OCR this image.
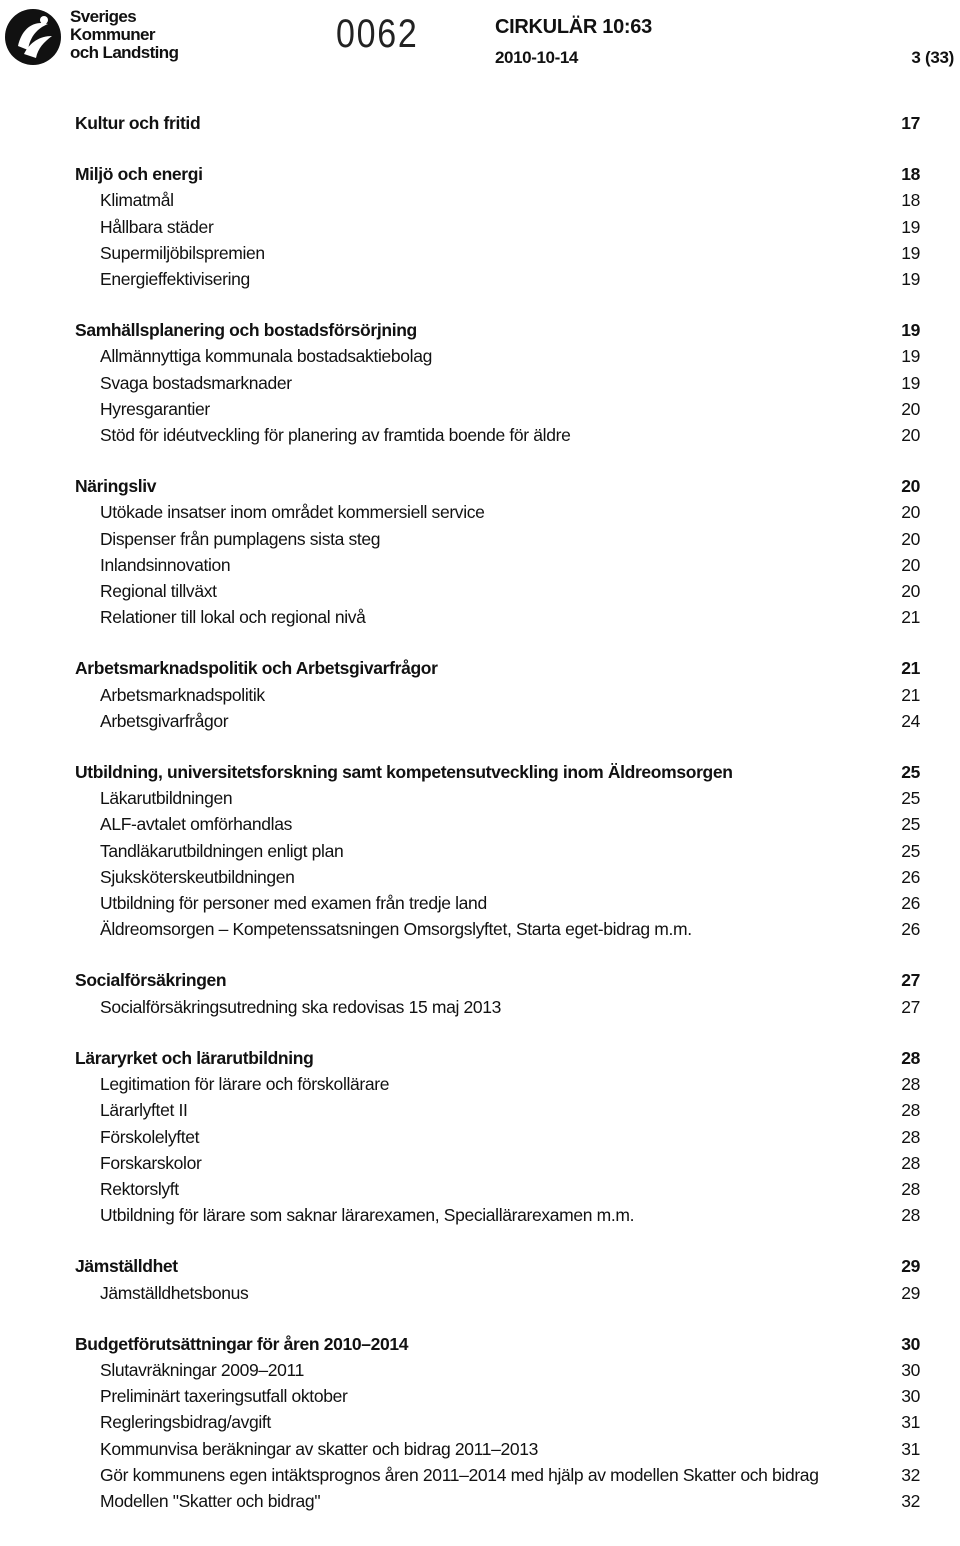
Sveriges
Kommuner
och Landsting	0062	CIRKULÄR 10:63
2010-10-14	3 (33)
Kultur och fritid	17
Miljö och energi	18
Klimatmål	18
Hållbara städer	19
Supermiljöbilspremien	19
Energieffektivisering	19
Samhällsplanering och bostadsförsörjning	19
Allmännyttiga kommunala bostadsaktiebolag	19
Svaga bostadsmarknader	19
Hyresgarantier	20
Stöd för idéutveckling för planering av framtida boende för äldre	20
Näringsliv	20
Utökade insatser inom området kommersiell service	20
Dispenser från pumplagens sista steg	20
Inlandsinnovation	20
Regional tillväxt	20
Relationer till lokal och regional nivå	21
Arbetsmarknadspolitik och Arbetsgivarfrågor	21
Arbetsmarknadspolitik	21
Arbetsgivarfrågor	24
Utbildning, universitetsforskning samt kompetensutveckling inom Äldreomsorgen	25
Läkarutbildningen	25
ALF-avtalet omförhandlas	25
Tandläkarutbildningen enligt plan	25
Sjuksköterskeutbildningen	26
Utbildning för personer med examen från tredje land	26
Äldreomsorgen – Kompetenssatsningen Omsorgslyftet, Starta eget-bidrag m.m.	26
Socialförsäkringen	27
Socialförsäkringsutredning ska redovisas 15 maj 2013	27
Läraryrket och lärarutbildning	28
Legitimation för lärare och förskollärare	28
Lärarlyftet II	28
Förskolelyftet	28
Forskarskolor	28
Rektorslyft	28
Utbildning för lärare som saknar lärarexamen, Speciallärarexamen m.m.	28
Jämställdhet	29
Jämställdhetsbonus	29
Budgetförutsättningar för åren 2010–2014	30
Slutavräkningar 2009–2011	30
Preliminärt taxeringsutfall oktober	30
Regleringsbidrag/avgift	31
Kommunvisa beräkningar av skatter och bidrag 2011–2013	31
Gör kommunens egen intäktsprognos åren 2011–2014 med hjälp av modellen Skatter och bidrag	32
Modellen "Skatter och bidrag"	32
